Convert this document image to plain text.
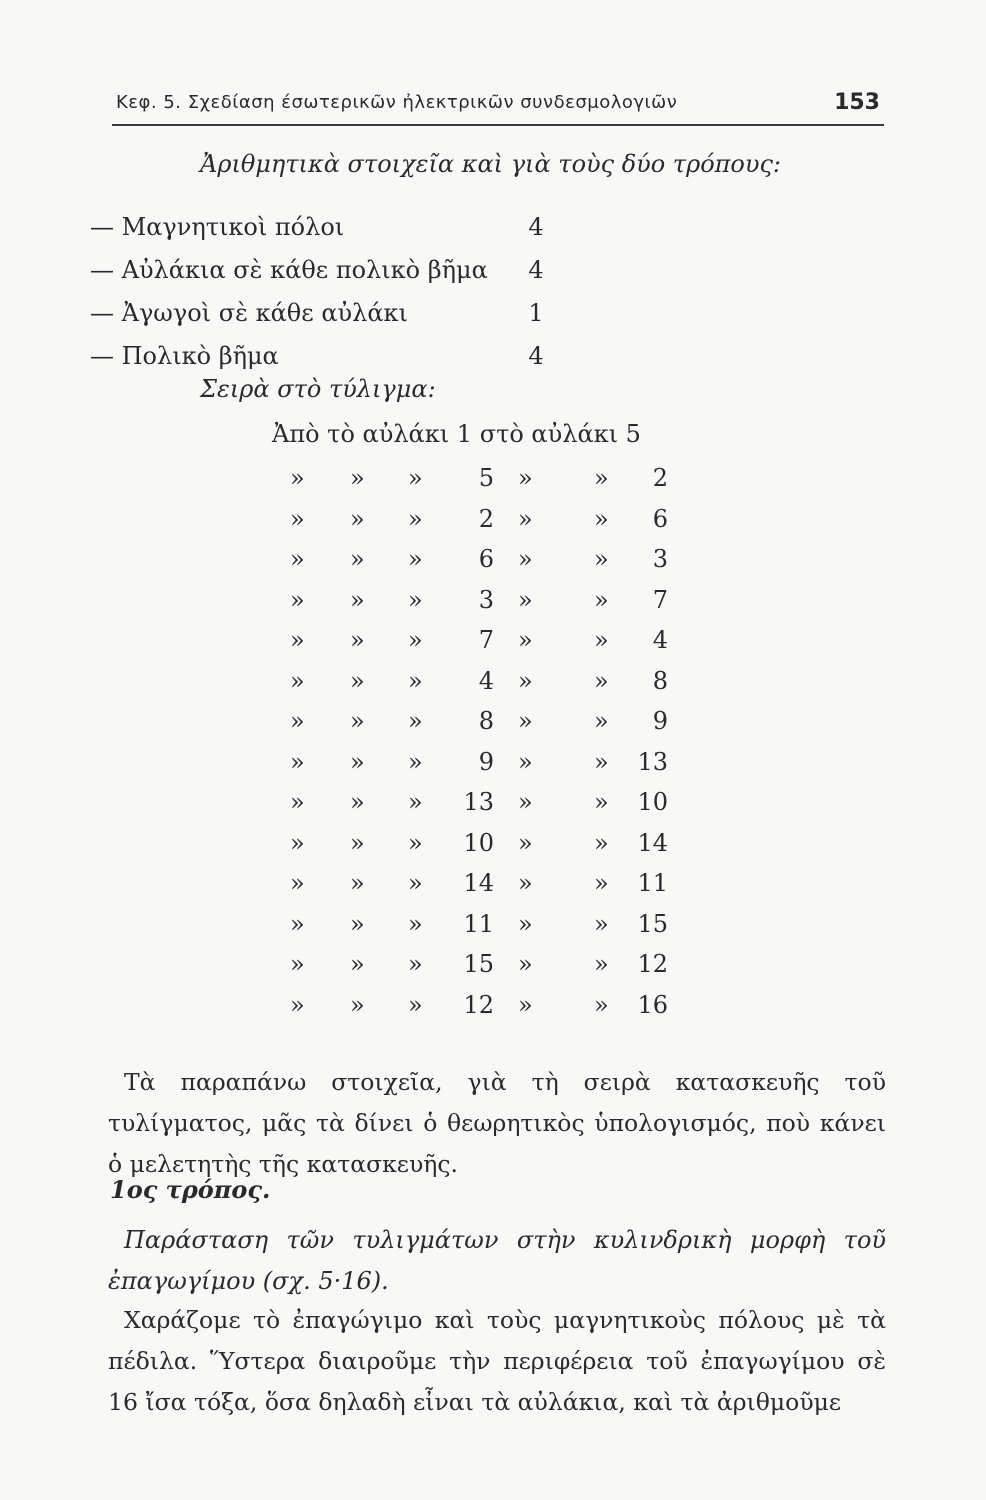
Κεφ. 5. Σχεδίαση έσωτερικῶν ἠλεκτρικῶν συνδεσμολογιῶν	153
Ἀριθμητικὰ στοιχεῖα καὶ γιὰ τοὺς δύο τρόπους:
— Μαγνητικοὶ πόλοι	4
— Αὐλάκια σὲ κάθε πολικὸ βῆμα 4
— Ἀγωγοὶ σὲ κάθε αὐλάκι	1
— Πολικὸ βῆμα	4
Σειρὰ στὸ τύλιγμα:
Ἀπὸ τὸ αὐλάκι 1 στὸ αὐλάκι 5
» » »	5 »	»	2
» » »	2 »	»	6
» » »	6 »	»	3
» » »	3 »	»	7
» » »	7 »	»	4
» » »	4 »	»	8
» » »	8 »	»	9
» » »	9 »	»	13
» » »	13 »	»	10
» » »	10 »	»	14
» » »	14 »	»	11
» » »	11 »	»	15
» » »	15 »	»	12
» » »	12 »	»	16
Τὰ παραπάνω στοιχεῖα, γιὰ τὴ σειρὰ κατασκευῆς τοῦ τυλίγματος, μᾶς τὰ δίνει ὁ θεωρητικὸς ὑπολογισμός, ποὺ κάνει ὁ μελετητὴς τῆς κατασκευῆς.
1ος τρόπος.
Παράσταση τῶν τυλιγμάτων στὴν κυλινδρικὴ μορφὴ τοῦ ἐπαγωγίμου (σχ. 5·16).
Χαράζομε τὸ ἐπαγώγιμο καὶ τοὺς μαγνητικοὺς πόλους μὲ τὰ πέδιλα. Ὕστερα διαιροῦμε τὴν περιφέρεια τοῦ ἐπαγωγίμου σὲ 16 ἴσα τόξα, ὅσα δηλαδὴ εἶναι τὰ αὐλάκια, καὶ τὰ ἀριθμοῦμε
